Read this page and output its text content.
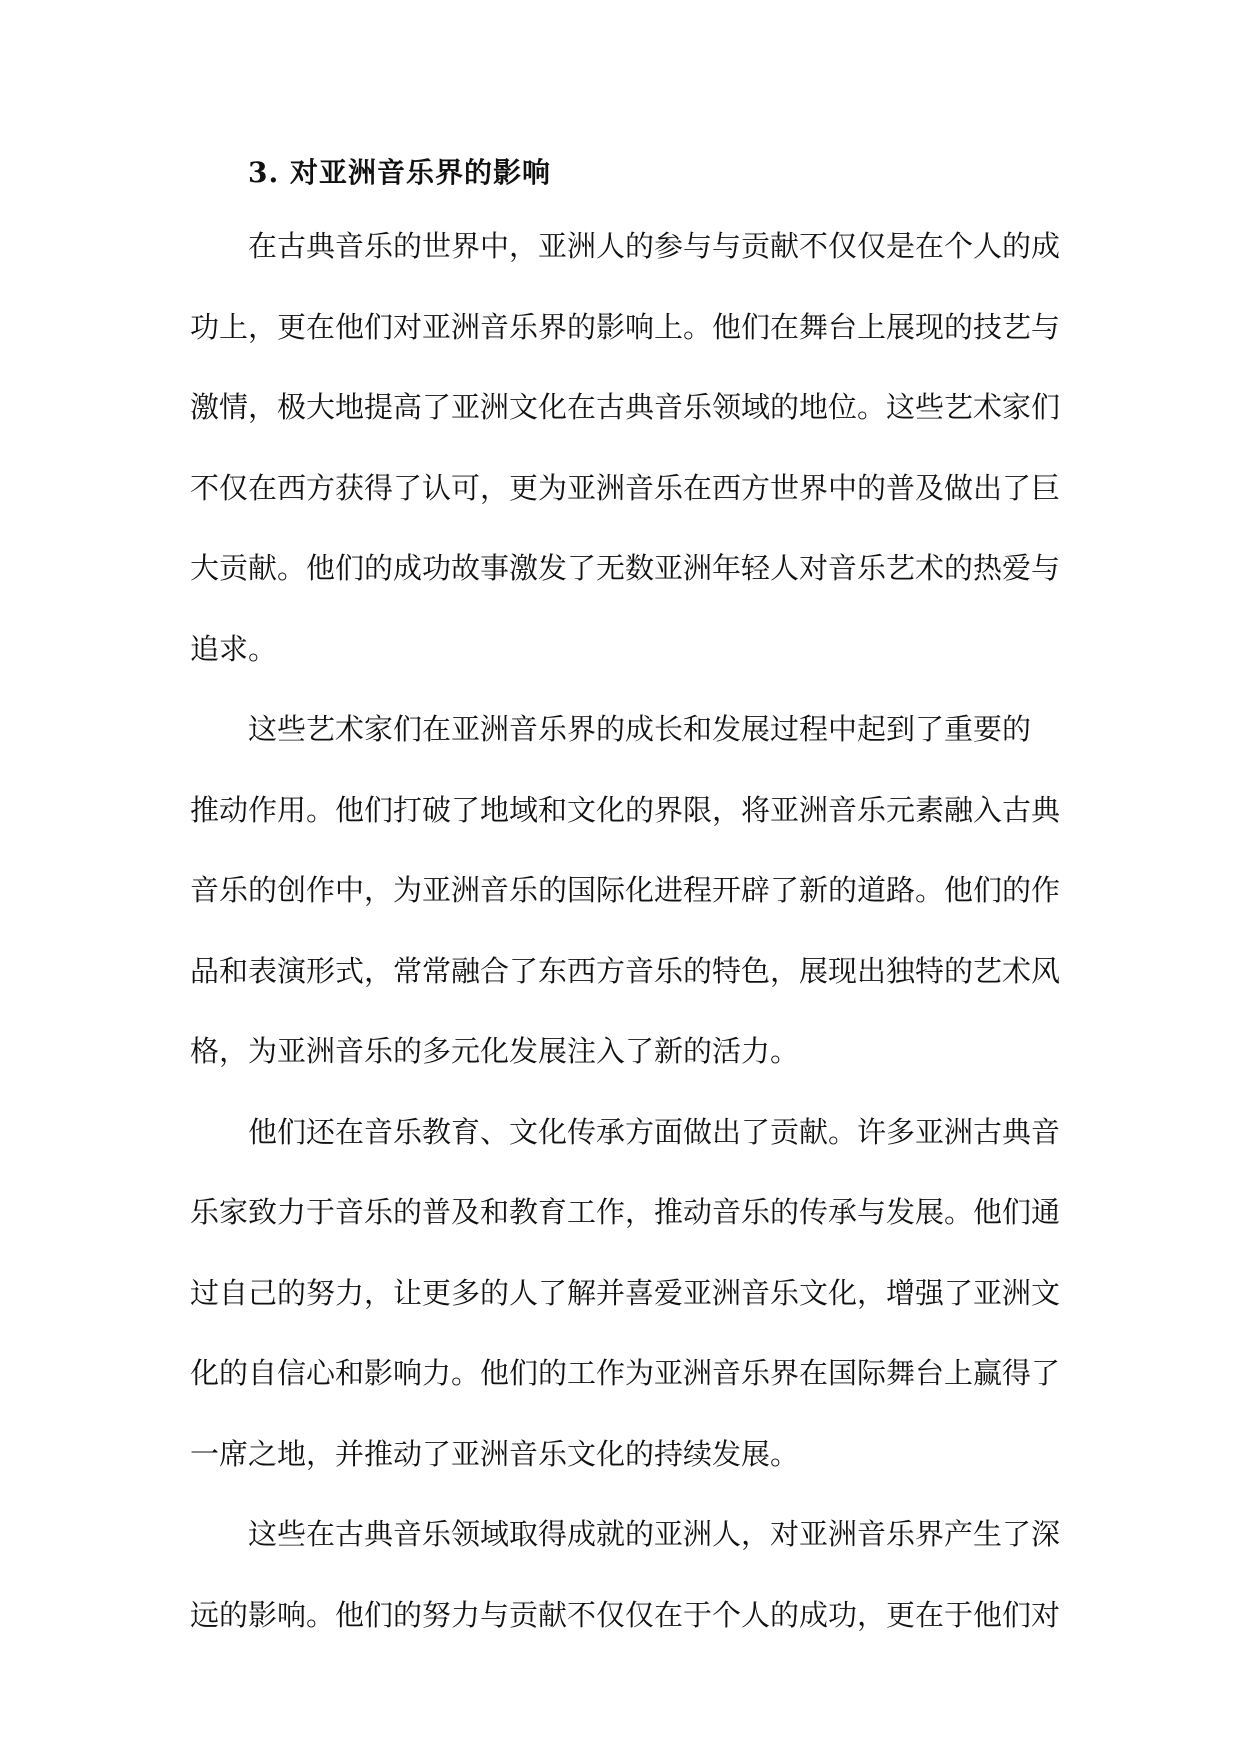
3. 对亚洲音乐界的影响

在古典音乐的世界中，亚洲人的参与与贡献不仅仅是在个人的成
功上，更在他们对亚洲音乐界的影响上。他们在舞台上展现的技艺与
激情，极大地提高了亚洲文化在古典音乐领域的地位。这些艺术家们
不仅在西方获得了认可，更为亚洲音乐在西方世界中的普及做出了巨
大贡献。他们的成功故事激发了无数亚洲年轻人对音乐艺术的热爱与
追求。

这些艺术家们在亚洲音乐界的成长和发展过程中起到了重要的
推动作用。他们打破了地域和文化的界限，将亚洲音乐元素融入古典
音乐的创作中，为亚洲音乐的国际化进程开辟了新的道路。他们的作
品和表演形式，常常融合了东西方音乐的特色，展现出独特的艺术风
格，为亚洲音乐的多元化发展注入了新的活力。

他们还在音乐教育、文化传承方面做出了贡献。许多亚洲古典音
乐家致力于音乐的普及和教育工作，推动音乐的传承与发展。他们通
过自己的努力，让更多的人了解并喜爱亚洲音乐文化，增强了亚洲文
化的自信心和影响力。他们的工作为亚洲音乐界在国际舞台上赢得了
一席之地，并推动了亚洲音乐文化的持续发展。

这些在古典音乐领域取得成就的亚洲人，对亚洲音乐界产生了深
远的影响。他们的努力与贡献不仅仅在于个人的成功，更在于他们对
